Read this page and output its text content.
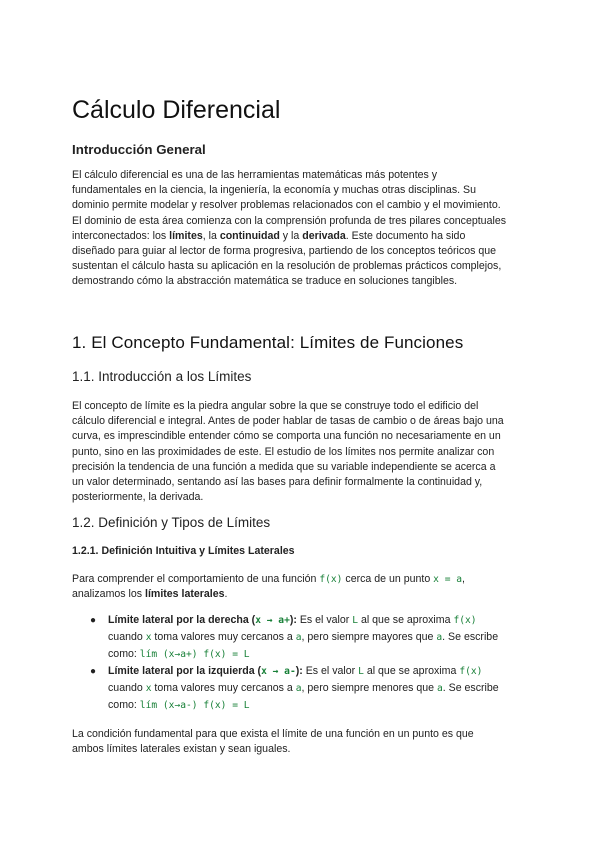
Cálculo Diferencial
Introducción General
El cálculo diferencial es una de las herramientas matemáticas más potentes y
fundamentales en la ciencia, la ingeniería, la economía y muchas otras disciplinas. Su
dominio permite modelar y resolver problemas relacionados con el cambio y el movimiento.
El dominio de esta área comienza con la comprensión profunda de tres pilares conceptuales
interconectados: los límites, la continuidad y la derivada. Este documento ha sido
diseñado para guiar al lector de forma progresiva, partiendo de los conceptos teóricos que
sustentan el cálculo hasta su aplicación en la resolución de problemas prácticos complejos,
demostrando cómo la abstracción matemática se traduce en soluciones tangibles.
1. El Concepto Fundamental: Límites de Funciones
1.1. Introducción a los Límites
El concepto de límite es la piedra angular sobre la que se construye todo el edificio del
cálculo diferencial e integral. Antes de poder hablar de tasas de cambio o de áreas bajo una
curva, es imprescindible entender cómo se comporta una función no necesariamente en un
punto, sino en las proximidades de este. El estudio de los límites nos permite analizar con
precisión la tendencia de una función a medida que su variable independiente se acerca a
un valor determinado, sentando así las bases para definir formalmente la continuidad y,
posteriormente, la derivada.
1.2. Definición y Tipos de Límites
1.2.1. Definición Intuitiva y Límites Laterales
Para comprender el comportamiento de una función f(x) cerca de un punto x = a,
analizamos los límites laterales.
● Límite lateral por la derecha (x → a+): Es el valor L al que se aproxima f(x)
cuando x toma valores muy cercanos a a, pero siempre mayores que a. Se escribe
como: lím (x→a+) f(x) = L
● Límite lateral por la izquierda (x → a-): Es el valor L al que se aproxima f(x)
cuando x toma valores muy cercanos a a, pero siempre menores que a. Se escribe
como: lím (x→a-) f(x) = L
La condición fundamental para que exista el límite de una función en un punto es que
ambos límites laterales existan y sean iguales.
